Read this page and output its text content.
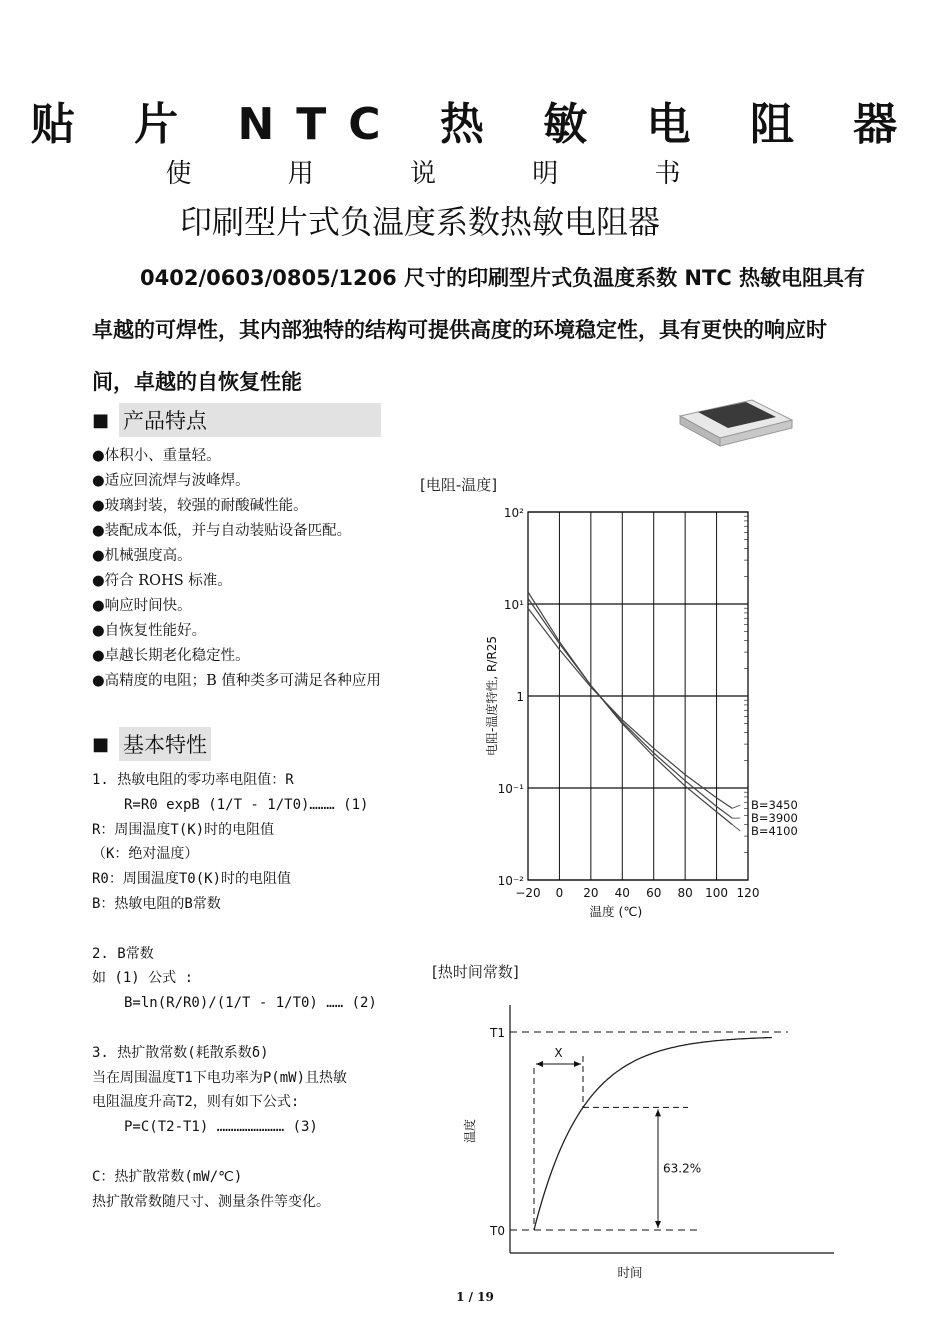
贴 片 NTC 热 敏 电 阻 器
使 用 说 明 书
印刷型片式负温度系数热敏电阻器
0402/0603/0805/1206 尺寸的印刷型片式负温度系数 NTC 热敏电阻具有卓越的可焊性，其内部独特的结构可提供高度的环境稳定性，具有更快的响应时间，卓越的自恢复性能
■ 产品特点
●体积小、重量轻。
●适应回流焊与波峰焊。
●玻璃封装，较强的耐酸碱性能。
●装配成本低，并与自动装贴设备匹配。
●机械强度高。
●符合 ROHS 标准。
●响应时间快。
●自恢复性能好。
●卓越长期老化稳定性。
●高精度的电阻；B 值种类多可满足各种应用
■ 基本特性
1. 热敏电阻的零功率电阻值：R
R=R0 expB (1/T - 1/T0)……… (1)
R：周围温度T(K)时的电阻值
（K：绝对温度）
R0：周围温度T0(K)时的电阻值
B：热敏电阻的B常数
2. B常数
如 (1) 公式 :
B=ln(R/R0)/(1/T - 1/T0) …… (2)
3. 热扩散常数(耗散系数δ)
当在周围温度T1下电功率为P(mW)且热敏
电阻温度升高T2，则有如下公式:
P=C(T2-T1) …………………… (3)
C：热扩散常数(mW/℃)
热扩散常数随尺寸、测量条件等变化。
[电阻-温度]
−20 0 20 40 60 80 100 120
10²
10¹
1
10⁻¹
10⁻²
B=3450
B=3900
B=4100
温度 (℃)
电阻-温度特性, R/R25
[热时间常数]
T1
T0
X
63.2%
时间
温度
1 / 19
